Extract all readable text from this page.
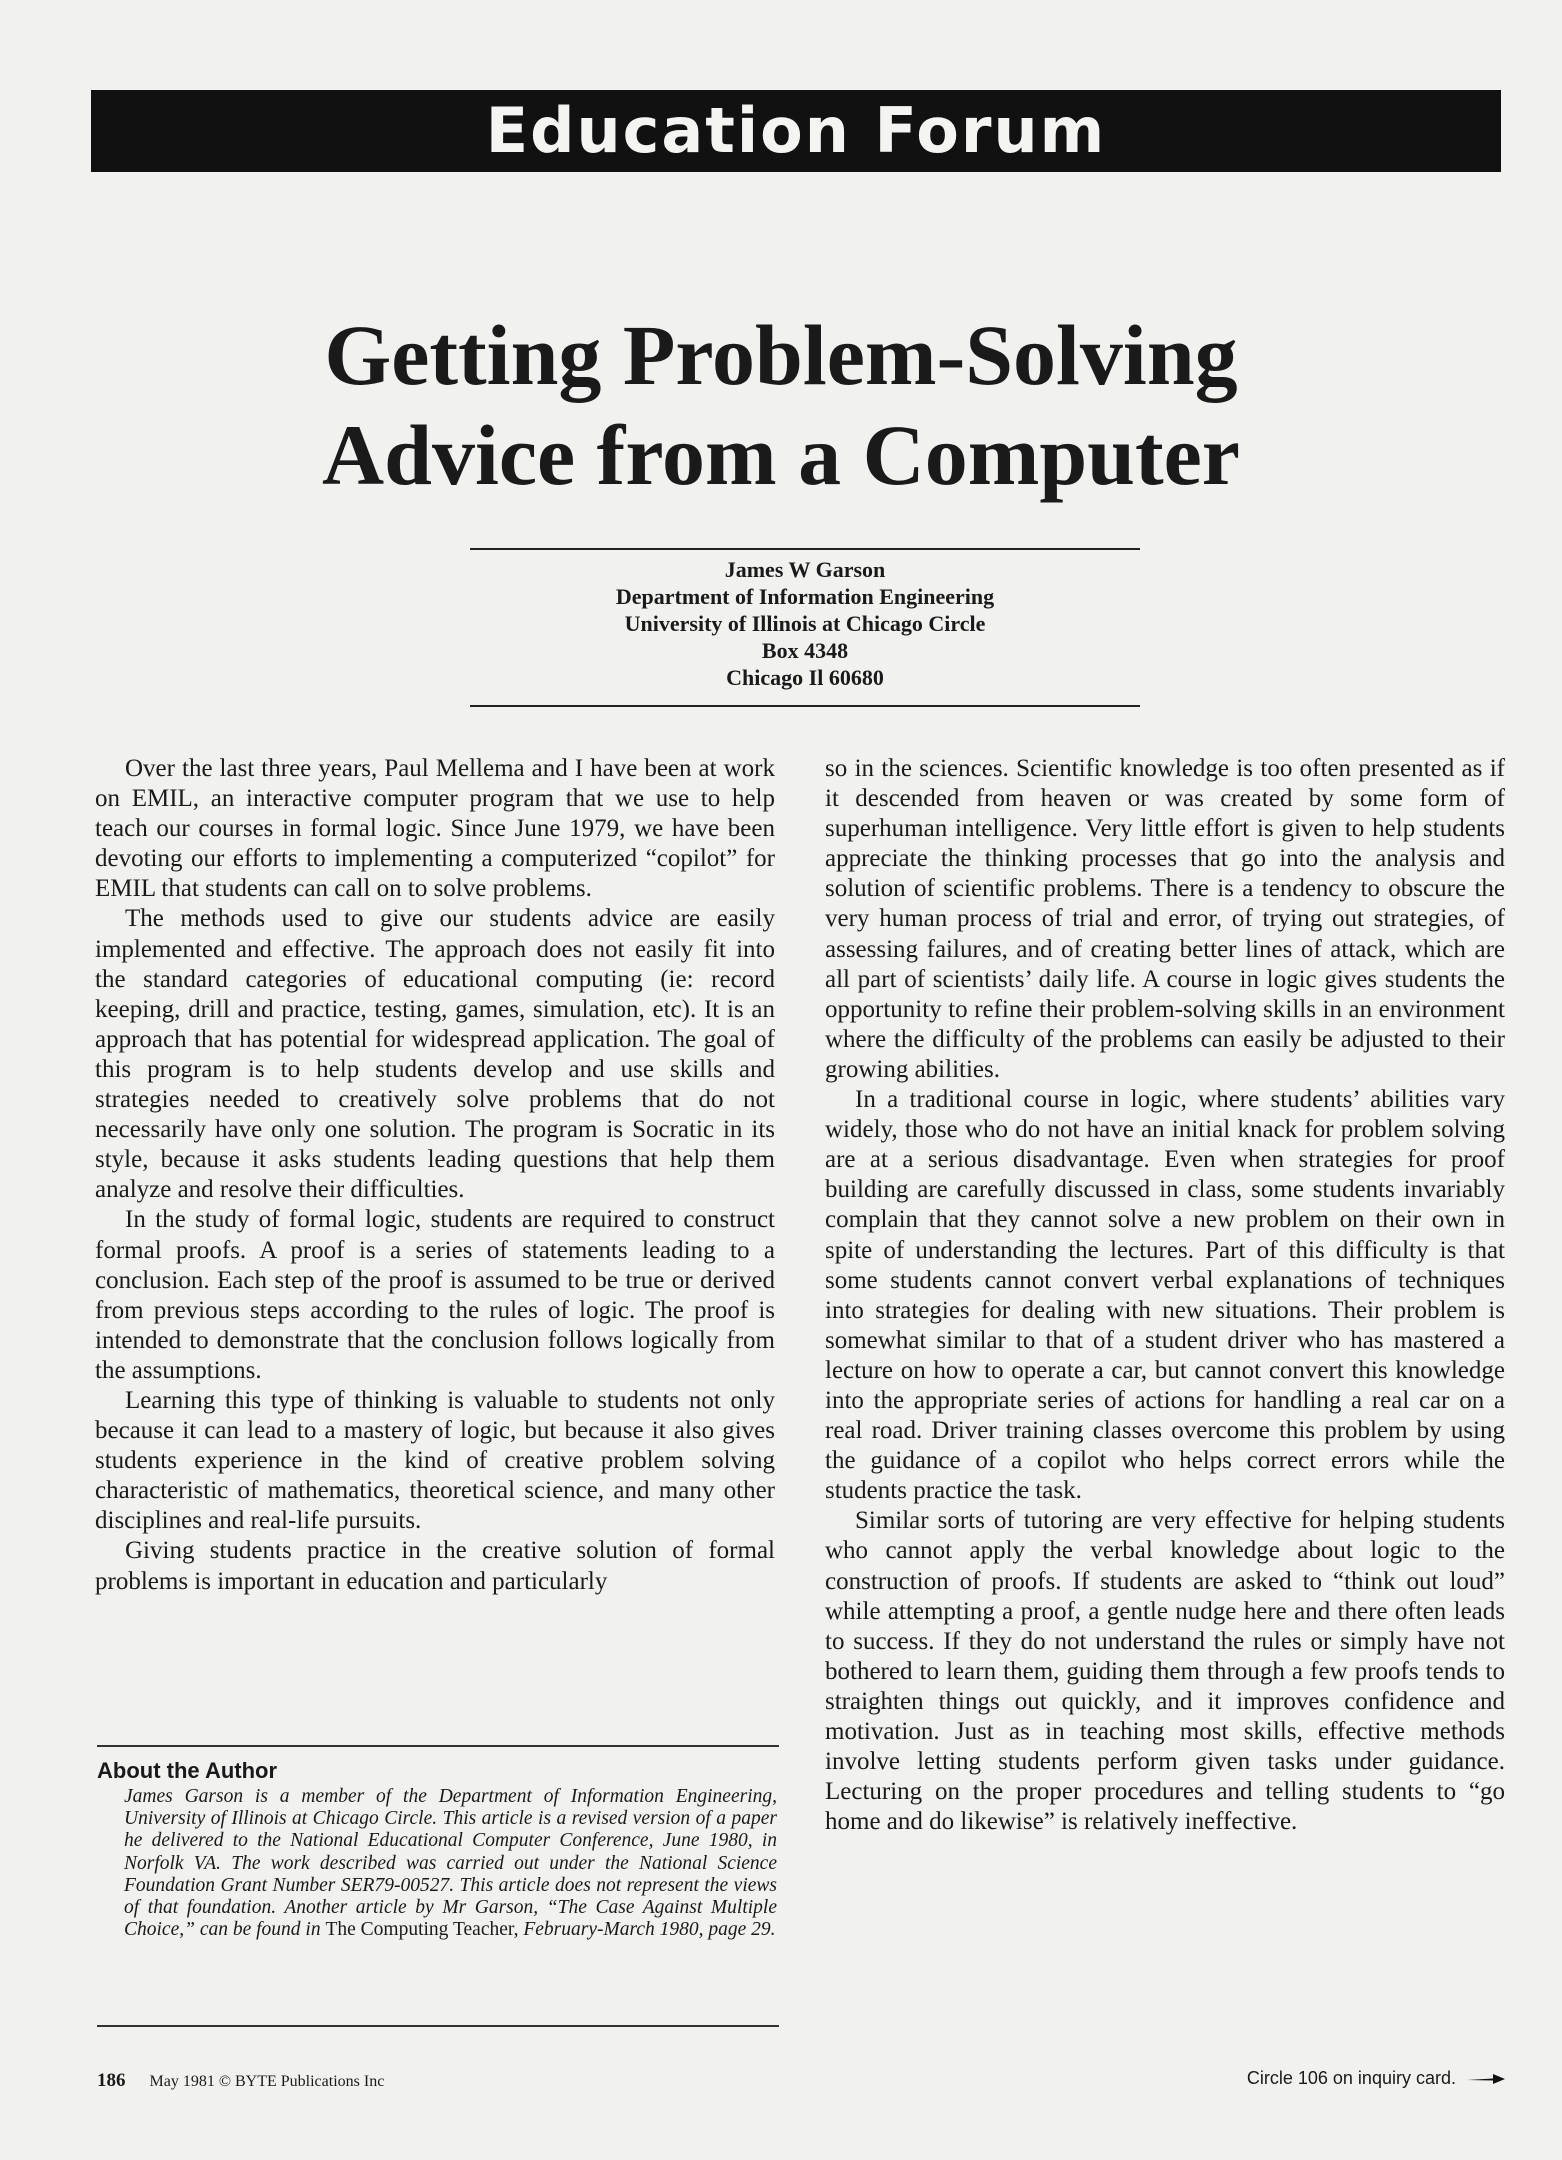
Education Forum
Getting Problem-Solving
Advice from a Computer
James W Garson
Department of Information Engineering
University of Illinois at Chicago Circle
Box 4348
Chicago Il 60680

Over the last three years, Paul Mellema and I have been at work on EMIL, an interactive computer program that we use to help teach our courses in formal logic. Since June 1979, we have been devoting our efforts to implementing a computerized “copilot” for EMIL that students can call on to solve problems.

The methods used to give our students advice are easily implemented and effective. The approach does not easily fit into the standard categories of educational computing (ie: record keeping, drill and practice, testing, games, simulation, etc). It is an approach that has potential for widespread application. The goal of this program is to help students develop and use skills and strategies needed to creatively solve problems that do not necessarily have only one solution. The program is Socratic in its style, because it asks students leading questions that help them analyze and resolve their difficulties.

In the study of formal logic, students are required to construct formal proofs. A proof is a series of statements leading to a conclusion. Each step of the proof is assumed to be true or derived from previous steps according to the rules of logic. The proof is intended to demonstrate that the conclusion follows logically from the assumptions.

Learning this type of thinking is valuable to students not only because it can lead to a mastery of logic, but because it also gives students experience in the kind of creative problem solving characteristic of mathematics, theoretical science, and many other disciplines and real-life pursuits.

Giving students practice in the creative solution of formal problems is important in education and particularly

so in the sciences. Scientific knowledge is too often presented as if it descended from heaven or was created by some form of superhuman intelligence. Very little effort is given to help students appreciate the thinking processes that go into the analysis and solution of scientific problems. There is a tendency to obscure the very human process of trial and error, of trying out strategies, of assessing failures, and of creating better lines of attack, which are all part of scientists’ daily life. A course in logic gives students the opportunity to refine their problem-solving skills in an environment where the difficulty of the problems can easily be adjusted to their growing abilities.

In a traditional course in logic, where students’ abilities vary widely, those who do not have an initial knack for problem solving are at a serious disadvantage. Even when strategies for proof building are carefully discussed in class, some students invariably complain that they cannot solve a new problem on their own in spite of understanding the lectures. Part of this difficulty is that some students cannot convert verbal explanations of techniques into strategies for dealing with new situations. Their problem is somewhat similar to that of a student driver who has mastered a lecture on how to operate a car, but cannot convert this knowledge into the appropriate series of actions for handling a real car on a real road. Driver training classes overcome this problem by using the guidance of a copilot who helps correct errors while the students practice the task.

Similar sorts of tutoring are very effective for helping students who cannot apply the verbal knowledge about logic to the construction of proofs. If students are asked to “think out loud” while attempting a proof, a gentle nudge here and there often leads to success. If they do not understand the rules or simply have not bothered to learn them, guiding them through a few proofs tends to straighten things out quickly, and it improves confidence and motivation. Just as in teaching most skills, effective methods involve letting students perform given tasks under guidance. Lecturing on the proper procedures and telling students to “go home and do likewise” is relatively ineffective.

About the Author

James Garson is a member of the Department of Information Engineering, University of Illinois at Chicago Circle. This article is a revised version of a paper he delivered to the National Educational Computer Conference, June 1980, in Norfolk VA. The work described was carried out under the National Science Foundation Grant Number SER79-00527. This article does not represent the views of that foundation. Another article by Mr Garson, “The Case Against Multiple Choice,” can be found in The Computing Teacher, February-March 1980, page 29.

186 May 1981 © BYTE Publications Inc	Circle 106 on inquiry card.
